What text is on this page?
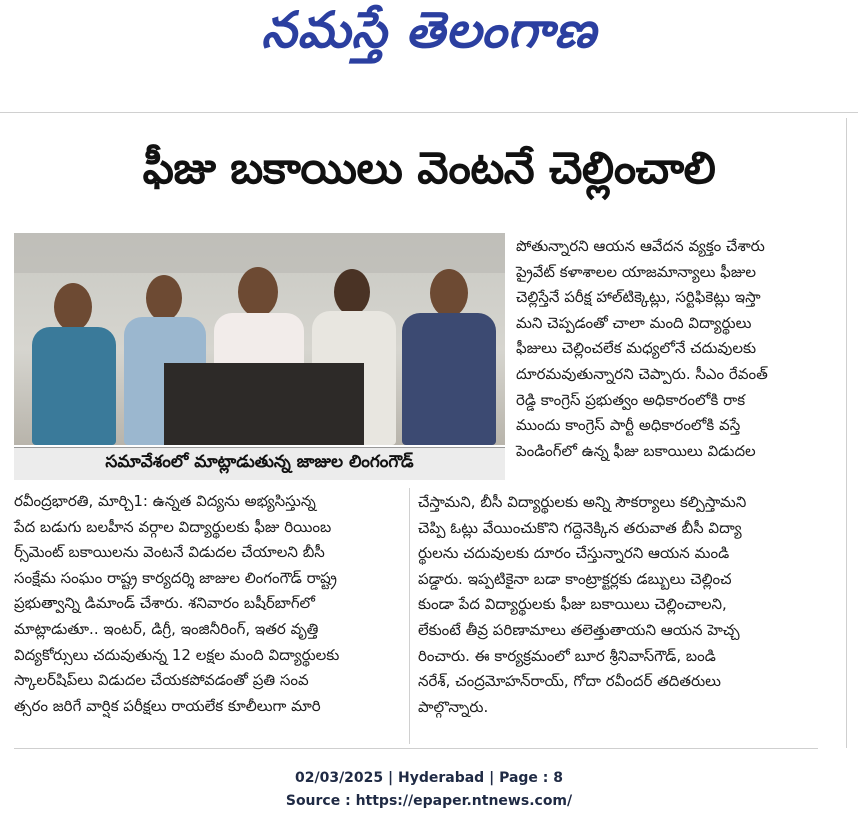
నమస్తే తెలంగాణ
ఫీజు బకాయిలు వెంటనే చెల్లించాలి
సమావేశంలో మాట్లాడుతున్న జాజుల లింగంగౌడ్

పోతున్నారని ఆయన ఆవేదన వ్యక్తం చేశారు

ప్రైవేట్ కళాశాలల యాజమాన్యాలు ఫీజుల

చెల్లిస్తేనే పరీక్ష హాల్‌టిక్కెట్లు, సర్టిఫికెట్లు ఇస్తా

మని చెప్పడంతో చాలా మంది విద్యార్థులు

ఫీజులు చెల్లించలేక మధ్యలోనే చదువులకు

దూరమవుతున్నారని చెప్పారు. సీఎం రేవంత్

రెడ్డి కాంగ్రెస్ ప్రభుత్వం అధికారంలోకి రాక

ముందు కాంగ్రెస్ పార్టీ అధికారంలోకి వస్తే

పెండింగ్‌లో ఉన్న ఫీజు బకాయిలు విడుదల

రవీంద్రభారతి, మార్చి1: ఉన్నత విద్యను అభ్యసిస్తున్న

పేద బడుగు బలహీన వర్గాల విద్యార్థులకు ఫీజు రియింబ

ర్స్‌మెంట్ బకాయిలను వెంటనే విడుదల చేయాలని బీసీ

సంక్షేమ సంఘం రాష్ట్ర కార్యదర్శి జాజుల లింగంగౌడ్ రాష్ట్ర

ప్రభుత్వాన్ని డిమాండ్ చేశారు. శనివారం బషీర్‌బాగ్‌లో

మాట్లాడుతూ.. ఇంటర్, డిగ్రీ, ఇంజినీరింగ్, ఇతర వృత్తి

విద్యకోర్సులు చదువుతున్న 12 లక్షల మంది విద్యార్థులకు

స్కాలర్‌షిప్‌లు విడుదల చేయకపోవడంతో ప్రతి సంవ

త్సరం జరిగే వార్షిక పరీక్షలు రాయలేక కూలీలుగా మారి

చేస్తామని, బీసీ విద్యార్థులకు అన్ని సౌకర్యాలు కల్పిస్తామని

చెప్పి ఓట్లు వేయించుకొని గద్దెనెక్కిన తరువాత బీసీ విద్యా

ర్థులను చదువులకు దూరం చేస్తున్నారని ఆయన మండి

పడ్డారు. ఇప్పటికైనా బడా కాంట్రాక్టర్లకు డబ్బులు చెల్లించ

కుండా పేద విద్యార్థులకు ఫీజు బకాయిలు చెల్లించాలని,

లేకుంటే తీవ్ర పరిణామాలు తలెత్తుతాయని ఆయన హెచ్చ

రించారు. ఈ కార్యక్రమంలో బూర శ్రీనివాస్‌గౌడ్, బండి

నరేశ్, చంద్రమోహన్‌రాయ్, గోదా రవీందర్ తదితరులు

పాల్గొన్నారు.

02/03/2025 | Hyderabad | Page : 8
Source : https://epaper.ntnews.com/
